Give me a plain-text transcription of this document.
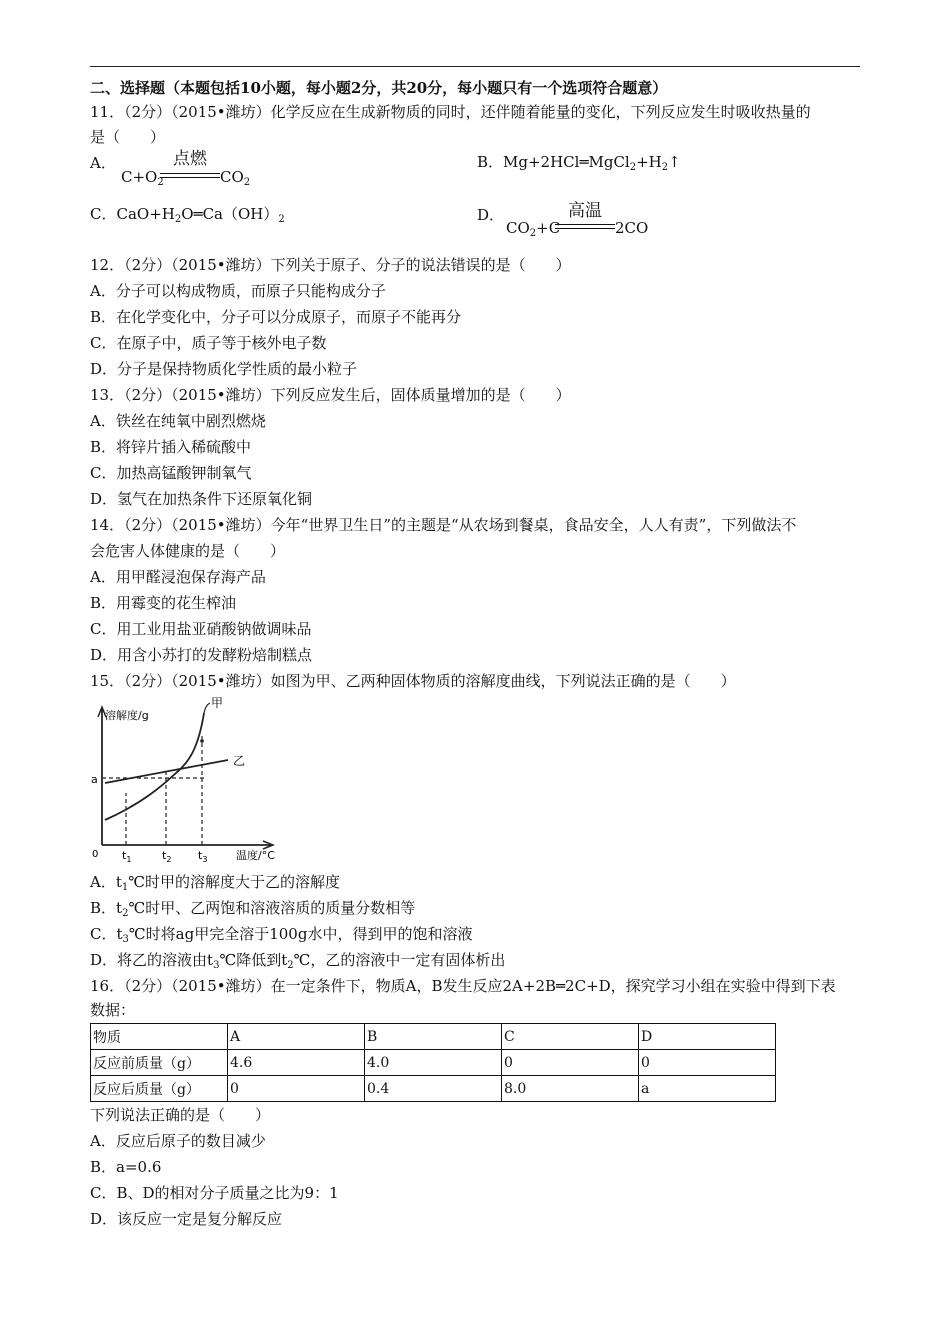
二、选择题（本题包括10小题，每小题2分，共20分，每小题只有一个选项符合题意）
11．（2分）（2015•潍坊）化学反应在生成新物质的同时，还伴随着能量的变化，下列反应发生时吸收热量的
是（　　）
A．	点燃
$C+O_2$	$CO_2$
B．$Mg+2HCl═MgCl_2+H_2↑$
C．$CaO+H_2O═Ca(OH)_2$	D．	高温
$CO_2+C$	2CO
12．（2分）（2015•潍坊）下列关于原子、分子的说法错误的是（　　）
A．分子可以构成物质，而原子只能构成分子
B．在化学变化中，分子可以分成原子，而原子不能再分
C．在原子中，质子等于核外电子数
D．分子是保持物质化学性质的最小粒子
13．（2分）（2015•潍坊）下列反应发生后，固体质量增加的是（　　）
A．铁丝在纯氧中剧烈燃烧
B．将锌片插入稀硫酸中
C．加热高锰酸钾制氧气
D．氢气在加热条件下还原氧化铜
14．（2分）（2015•潍坊）今年“世界卫生日”的主题是“从农场到餐桌，食品安全，人人有责”，下列做法不
会危害人体健康的是（　　）
A．用甲醛浸泡保存海产品
B．用霉变的花生榨油
C．用工业用盐亚硝酸钠做调味品
D．用含小苏打的发酵粉焙制糕点
15．（2分）（2015•潍坊）如图为甲、乙两种固体物质的溶解度曲线，下列说法正确的是（　　）
溶解度/g
a
0 $t_1$	$t_2$ $t_3$	温度/°C
甲
乙
A．$t_1℃$时甲的溶解度大于乙的溶解度
B．$t_2℃$时甲、乙两饱和溶液溶质的质量分数相等
C．$t_3℃$时将ag甲完全溶于100g水中，得到甲的饱和溶液
D．将乙的溶液由$t_3℃$降低到$t_2℃$，乙的溶液中一定有固体析出
16．（2分）（2015•潍坊）在一定条件下，物质A，B发生反应2A+2B═2C+D，探究学习小组在实验中得到下表
数据：
物质	A	B	C	D
反应前质量（g）	4.6	4.0	0	0
反应后质量（g）	0	0.4	8.0	a
下列说法正确的是（　　）
A．反应后原子的数目减少
B．a=0.6
C．B、D的相对分子质量之比为9：1
D．该反应一定是复分解反应
